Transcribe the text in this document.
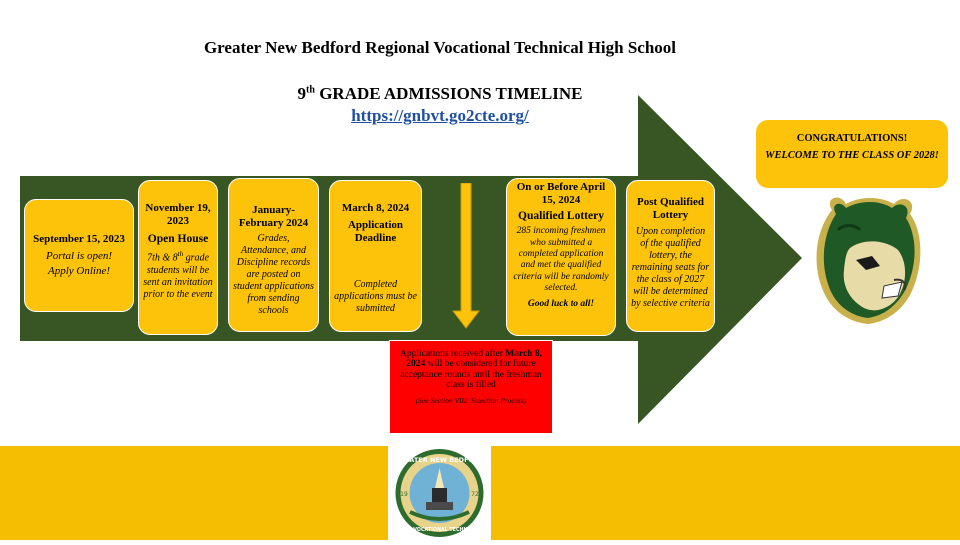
Greater New Bedford Regional Vocational Technical High School
9th GRADE ADMISSIONS TIMELINE
https://gnbvt.go2cte.org/
September 15, 2023
Portal is open!
Apply Online!
November 19, 2023
Open House
7th & 8th grade students will be sent an invitation prior to the event
January-February 2024
Grades, Attendance, and Discipline records are posted on student applications from sending schools
March 8, 2024
Application Deadline
Completed applications must be submitted
On or Before April 15, 2024
Qualified Lottery
285 incoming freshmen who submitted a completed application and met the qualified criteria will be randomly selected.
Good luck to all!
Post Qualified Lottery
Upon completion of the qualified lottery, the remaining seats for the class of 2027 will be determined by selective criteria
Applications received after March 8, 2024 will be considered for future acceptance rounds until the freshman class is filled
(See Section VIII: Selection Process)
CONGRATULATIONS!
WELCOME TO THE CLASS OF 2028!
GREATER NEW BEDFORD
REGIONAL VOCATIONAL TECHNICAL HIGH
19	72
